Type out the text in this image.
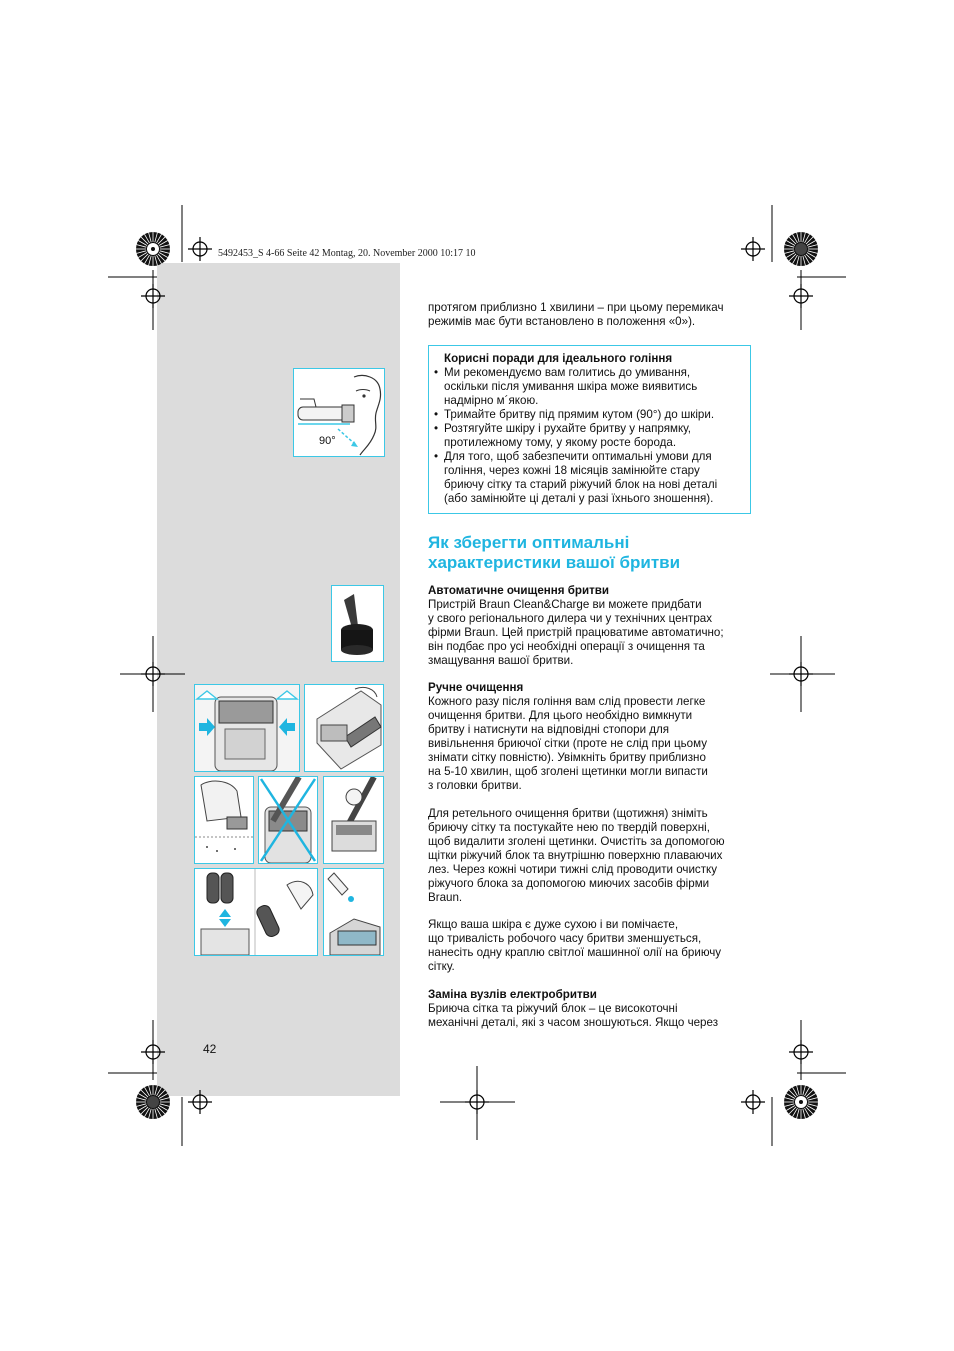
5492453_S 4-66 Seite 42 Montag, 20. November 2000 10:17 10
90°
42
протягом приблизно 1 хвилини – при цьому перемикач
режимів має бути встановлено в положення «0»).
Корисні поради для ідеального гоління
• Ми рекомендуємо вам голитись до умивання,
оскільки після умивання шкіра може виявитись
надмірно м´якою.
• Тримайте бритву під прямим кутом (90°) до шкіри.
• Розтягуйте шкіру і рухайте бритву у напрямку,
протилежному тому, у якому росте борода.
• Для того, щоб забезпечити оптимальні умови для
гоління, через кожні 18 місяців замінюйте стару
бриючу сітку та старий ріжучий блок на нові деталі
(або замінюйте ці деталі у разі їхнього зношення).
Як зберегти оптимальні
характеристики вашої бритви
Автоматичне очищення бритви
Пристрій Braun Clean&Charge ви можете придбати
у свого регіонального дилера чи у технічних центрах
фірми Braun. Цей пристрій працюватиме автоматично;
він подбає про усі необхідні операції з очищення та
змащування вашої бритви.
Ручне очищення
Кожного разу після гоління вам слід провести легке
очищення бритви. Для цього необхідно вимкнути
бритву і натиснути на відповідні стопори для
вивільнення бриючої сітки (проте не слід при цьому
знімати сітку повністю). Увімкніть бритву приблизно
на 5-10 хвилин, щоб зголені щетинки могли випасти
з головки бритви.
Для ретельного очищення бритви (щотижня) зніміть
бриючу сітку та постукайте нею по твердій поверхні,
щоб видалити зголені щетинки. Очистіть за допомогою
щітки ріжучий блок та внутрішню поверхню плаваючих
лез. Через кожні чотири тижні слід проводити очистку
ріжучого блока за допомогою миючих засобів фірми
Braun.
Якщо ваша шкіра є дуже сухою і ви помічаєте,
що тривалість робочого часу бритви зменшується,
нанесіть одну краплю світлої машинної олії на бриючу
сітку.
Заміна вузлів електробритви
Бриюча сітка та ріжучий блок – це високоточні
механічні деталі, які з часом зношуються. Якщо через
